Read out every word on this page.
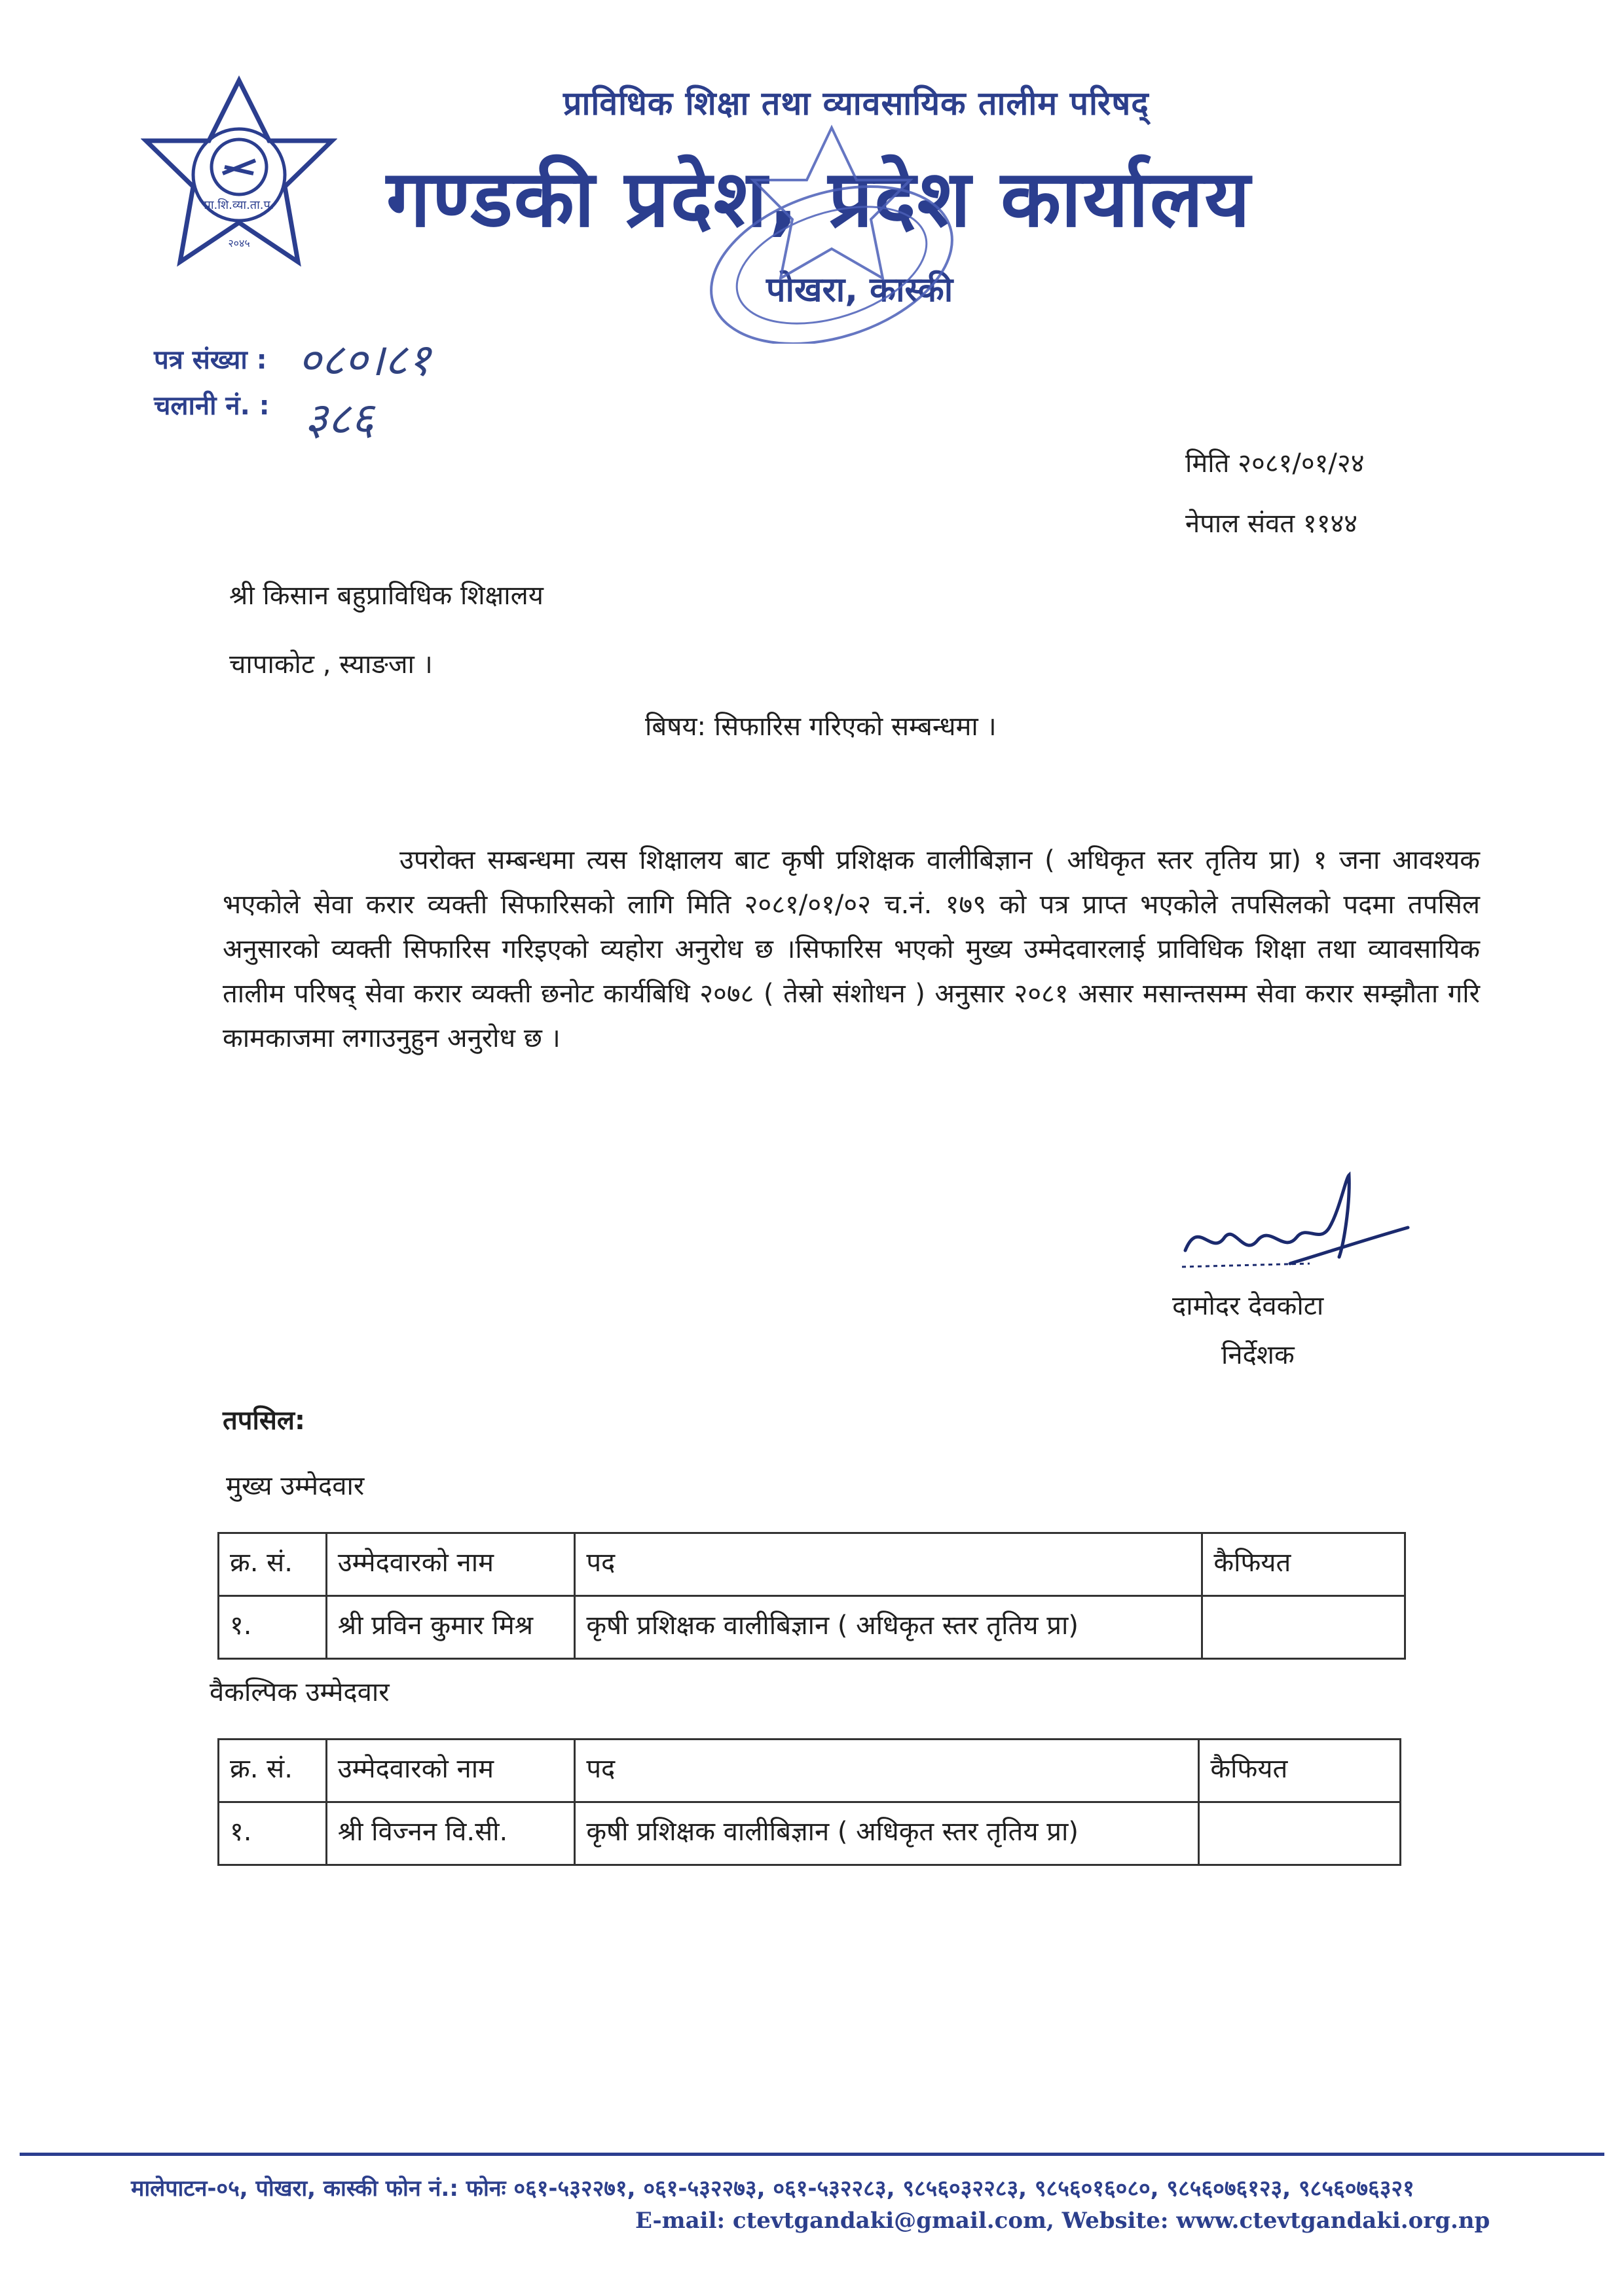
प्रा.शि.व्या.ता.प.
२०४५
प्राविधिक शिक्षा तथा व्यावसायिक तालीम परिषद्
गण्डकी प्रदेश, प्रदेश कार्यालय
पोखरा, कास्की
पत्र संख्या : ०८०।८१
चलानी नं. : ३८६
मिति २०८१/०१/२४
नेपाल संवत ११४४
श्री किसान बहुप्राविधिक शिक्षालय
चापाकोट , स्याङजा ।
बिषय: सिफारिस गरिएको सम्बन्धमा ।
उपरोक्त सम्बन्धमा त्यस शिक्षालय बाट कृषी प्रशिक्षक वालीबिज्ञान ( अधिकृत स्तर तृतिय प्रा) १ जना आवश्यक भएकोले सेवा करार व्यक्ती सिफारिसको लागि मिति २०८१/०१/०२ च.नं. १७९ को पत्र प्राप्त भएकोले तपसिलको पदमा तपसिल अनुसारको व्यक्ती सिफारिस गरिइएको व्यहोरा अनुरोध छ ।सिफारिस भएको मुख्य उम्मेदवारलाई प्राविधिक शिक्षा तथा व्यावसायिक तालीम परिषद् सेवा करार व्यक्ती छनोट कार्यबिधि २०७८ ( तेस्रो संशोधन ) अनुसार २०८१ असार मसान्तसम्म सेवा करार सम्झौता गरि कामकाजमा लगाउनुहुन अनुरोध छ ।
दामोदर देवकोटा
निर्देशक
तपसिल:
मुख्य उम्मेदवार
क्र. सं.	उम्मेदवारको नाम	पद	कैफियत
१.	श्री प्रविन कुमार मिश्र	कृषी प्रशिक्षक वालीबिज्ञान ( अधिकृत स्तर तृतिय प्रा)	
वैकल्पिक उम्मेदवार
क्र. सं.	उम्मेदवारको नाम	पद	कैफियत
१.	श्री विज्नन वि.सी.	कृषी प्रशिक्षक वालीबिज्ञान ( अधिकृत स्तर तृतिय प्रा)	
मालेपाटन-०५, पोखरा, कास्की फोन नं.: फोनः ०६१-५३२२७१, ०६१-५३२२७३, ०६१-५३२२८३, ९८५६०३२२८३, ९८५६०१६०८०, ९८५६०७६१२३, ९८५६०७६३२१
E-mail: ctevtgandaki@gmail.com, Website: www.ctevtgandaki.org.np
